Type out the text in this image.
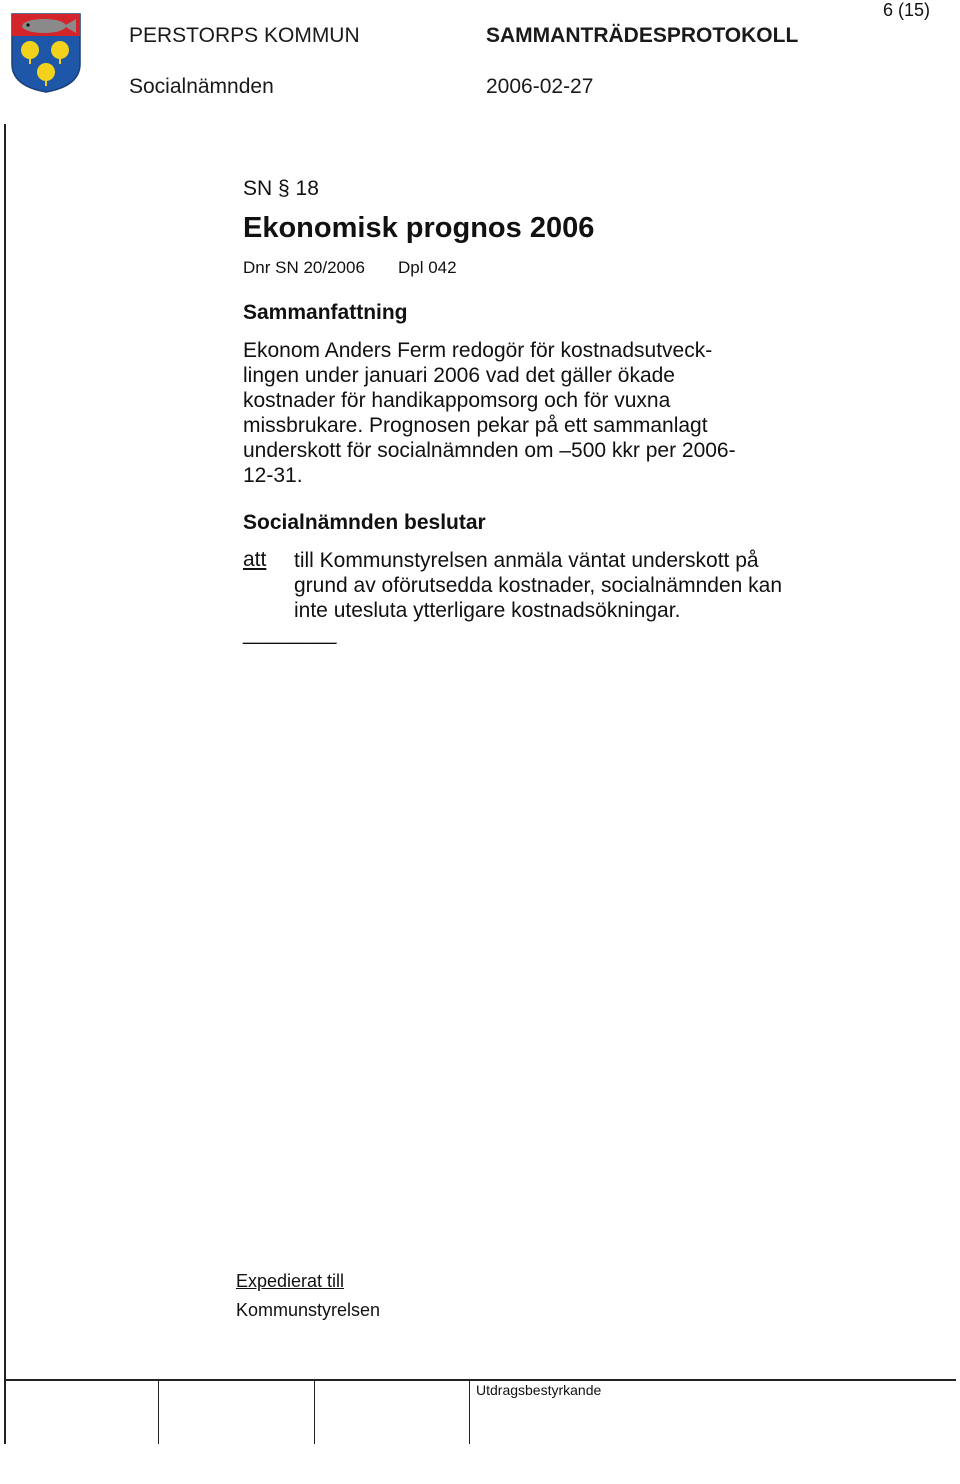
6 (15)
PERSTORPS KOMMUN	SAMMANTRÄDESPROTOKOLL
Socialnämnden	2006-02-27
SN § 18
Ekonomisk prognos 2006
Dnr SN 20/2006 Dpl 042
Sammanfattning
Ekonom Anders Ferm redogör för kostnadsutveck-
lingen under januari 2006 vad det gäller ökade
kostnader för handikappomsorg och för vuxna
missbrukare. Prognosen pekar på ett sammanlagt
underskott för socialnämnden om –500 kkr per 2006-
12-31.
Socialnämnden beslutar
att till Kommunstyrelsen anmäla väntat underskott på
grund av oförutsedda kostnader, socialnämnden kan
inte utesluta ytterligare kostnadsökningar.
________
Expedierat till
Kommunstyrelsen
Utdragsbestyrkande
